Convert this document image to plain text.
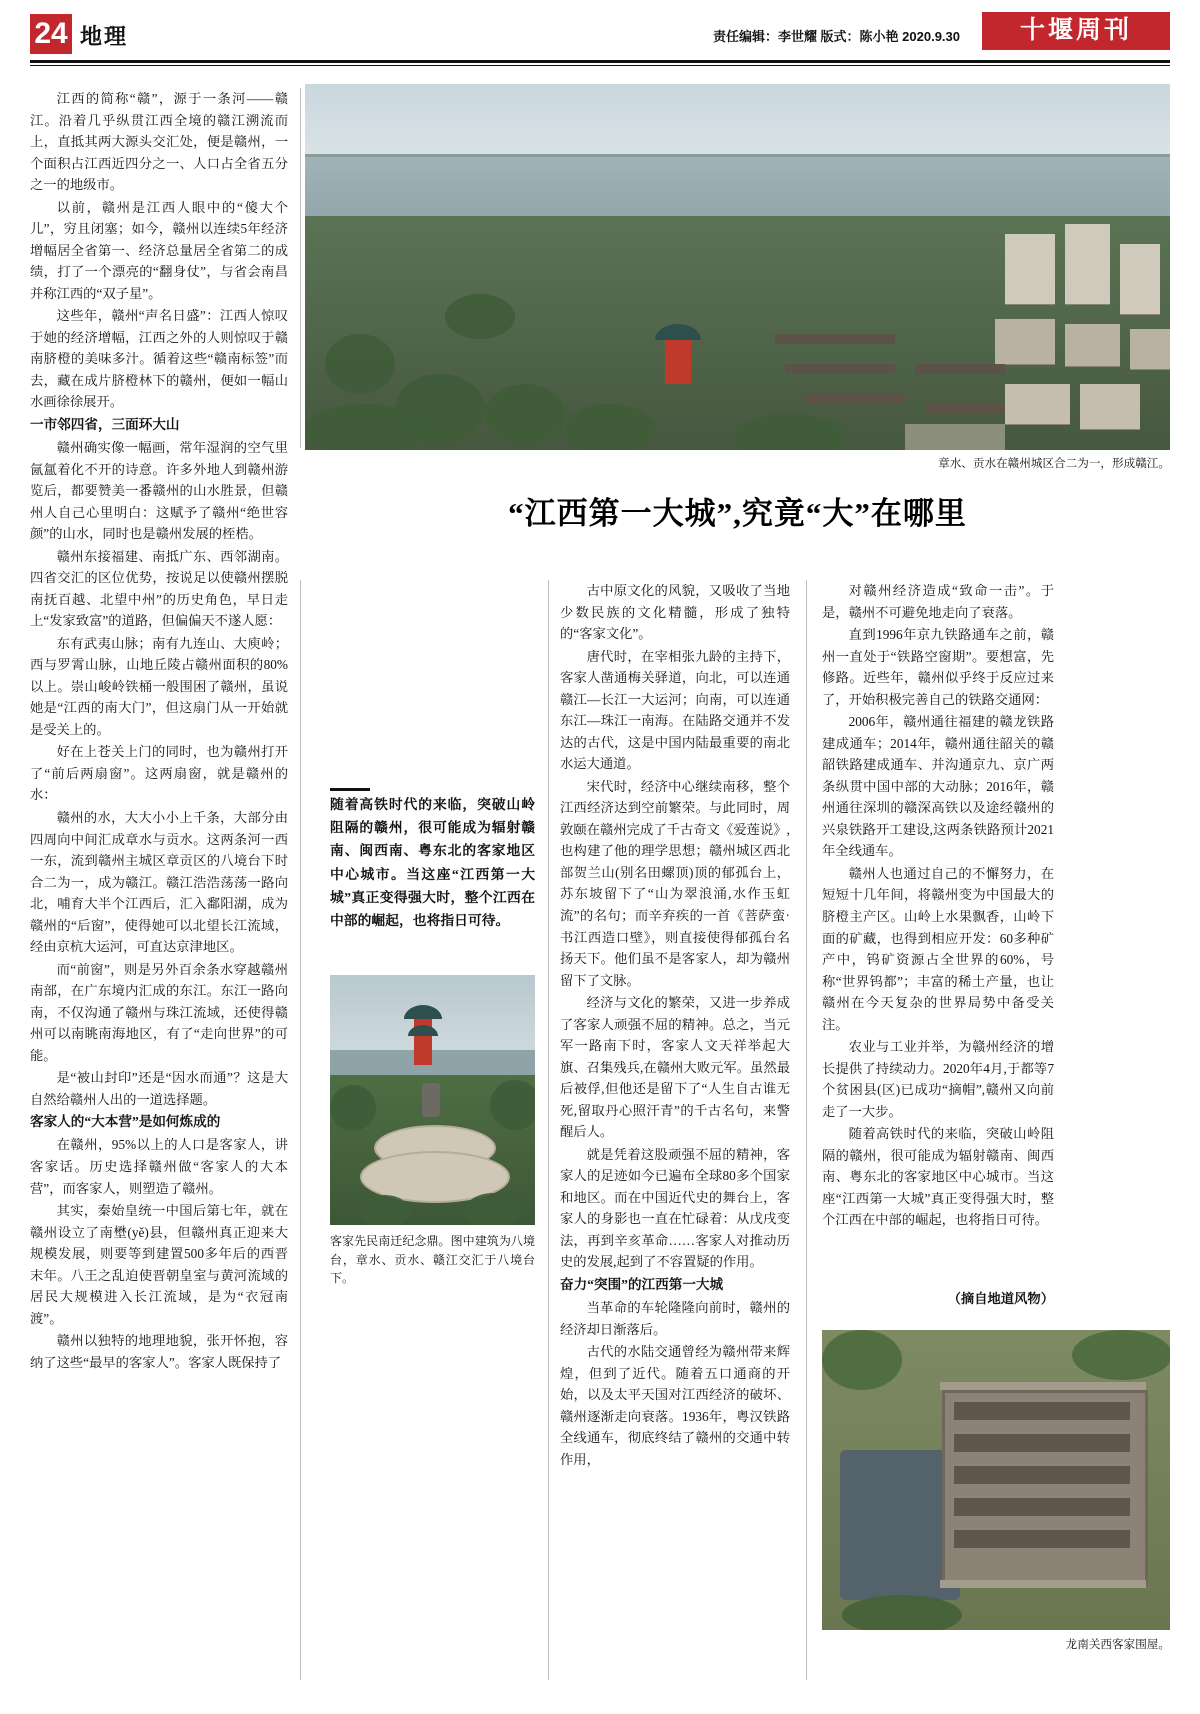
24 地理	责任编辑：李世耀 版式：陈小艳 2020.9.30	十堰周刊

江西的简称“赣”，源于一条河——赣江。沿着几乎纵贯江西全境的赣江溯流而上，直抵其两大源头交汇处，便是赣州，一个面积占江西近四分之一、人口占全省五分之一的地级市。

以前，赣州是江西人眼中的“傻大个儿”，穷且闭塞；如今，赣州以连续5年经济增幅居全省第一、经济总量居全省第二的成绩，打了一个漂亮的“翻身仗”，与省会南昌并称江西的“双子星”。

这些年，赣州“声名日盛”：江西人惊叹于她的经济增幅，江西之外的人则惊叹于赣南脐橙的美味多汁。循着这些“赣南标签”而去，藏在成片脐橙林下的赣州，便如一幅山水画徐徐展开。

一市邻四省，三面环大山

赣州确实像一幅画，常年湿润的空气里氤氲着化不开的诗意。许多外地人到赣州游览后，都要赞美一番赣州的山水胜景，但赣州人自己心里明白：这赋予了赣州“绝世容颜”的山水，同时也是赣州发展的桎梏。

赣州东接福建、南抵广东、西邻湖南。四省交汇的区位优势，按说足以使赣州摆脱南抚百越、北望中州”的历史角色，早日走上“发家致富”的道路，但偏偏天不遂人愿：

东有武夷山脉；南有九连山、大庾岭；西与罗霄山脉，山地丘陵占赣州面积的80%以上。崇山峻岭铁桶一般围困了赣州，虽说她是“江西的南大门”，但这扇门从一开始就是受关上的。

好在上苍关上门的同时，也为赣州打开了“前后两扇窗”。这两扇窗，就是赣州的水：

赣州的水，大大小小上千条，大部分由四周向中间汇成章水与贡水。这两条河一西一东，流到赣州主城区章贡区的八境台下时合二为一，成为赣江。赣江浩浩荡荡一路向北，哺育大半个江西后，汇入鄱阳湖，成为赣州的“后窗”，使得她可以北望长江流域，经由京杭大运河，可直达京津地区。

而“前窗”，则是另外百余条水穿越赣州南部，在广东境内汇成的东江。东江一路向南，不仅沟通了赣州与珠江流域，还使得赣州可以南眺南海地区，有了“走向世界”的可能。

是“被山封印”还是“因水而通”？这是大自然给赣州人出的一道选择题。

客家人的“大本营”是如何炼成的

在赣州，95%以上的人口是客家人，讲客家话。历史选择赣州做“客家人的大本营”，而客家人，则塑造了赣州。

其实，秦始皇统一中国后第七年，就在赣州设立了南壄(yě)县，但赣州真正迎来大规模发展，则要等到建置500多年后的西晋末年。八王之乱迫使晋朝皇室与黄河流域的居民大规模进入长江流域，是为“衣冠南渡”。

赣州以独特的地理地貌，张开怀抱，容纳了这些“最早的客家人”。客家人既保持了

章水、贡水在赣州城区合二为一，形成赣江。
“江西第一大城”,究竟“大”在哪里
随着高铁时代的来临，突破山岭阻隔的赣州，很可能成为辐射赣南、闽西南、粤东北的客家地区中心城市。当这座“江西第一大城”真正变得强大时，整个江西在中部的崛起，也将指日可待。
客家先民南迁纪念鼎。图中建筑为八境台，章水、贡水、赣江交汇于八境台下。

古中原文化的风貌，又吸收了当地少数民族的文化精髓，形成了独特的“客家文化”。

唐代时，在宰相张九龄的主持下，客家人凿通梅关驿道，向北，可以连通赣江—长江一大运河；向南，可以连通东江—珠江一南海。在陆路交通并不发达的古代，这是中国内陆最重要的南北水运大通道。

宋代时，经济中心继续南移，整个江西经济达到空前繁荣。与此同时，周敦颐在赣州完成了千古奇文《爱莲说》,也构建了他的理学思想；赣州城区西北部贺兰山(别名田螺顶)顶的郁孤台上，苏东坡留下了“山为翠浪涌,水作玉虹流”的名句；而辛弃疾的一首《菩萨蛮·书江西造口壁》，则直接使得郁孤台名扬天下。他们虽不是客家人，却为赣州留下了文脉。

经济与文化的繁荣，又进一步养成了客家人顽强不屈的精神。总之，当元军一路南下时，客家人文天祥举起大旗、召集残兵,在赣州大败元军。虽然最后被俘,但他还是留下了“人生自古谁无死,留取丹心照汗青”的千古名句，来警醒后人。

就是凭着这股顽强不屈的精神，客家人的足迹如今已遍布全球80多个国家和地区。而在中国近代史的舞台上，客家人的身影也一直在忙碌着：从戊戌变法，再到辛亥革命……客家人对推动历史的发展,起到了不容置疑的作用。

奋力“突围”的江西第一大城

当革命的车轮隆隆向前时，赣州的经济却日渐落后。

古代的水陆交通曾经为赣州带来辉煌，但到了近代。随着五口通商的开始，以及太平天国对江西经济的破坏、赣州逐渐走向衰落。1936年，粤汉铁路全线通车，彻底终结了赣州的交通中转作用，

对赣州经济造成“致命一击”。于是，赣州不可避免地走向了衰落。

直到1996年京九铁路通车之前，赣州一直处于“铁路空窗期”。要想富，先修路。近些年，赣州似乎终于反应过来了，开始积极完善自己的铁路交通网：

2006年，赣州通往福建的赣龙铁路建成通车；2014年，赣州通往韶关的赣韶铁路建成通车、并沟通京九、京广两条纵贯中国中部的大动脉；2016年，赣州通往深圳的赣深高铁以及途经赣州的兴泉铁路开工建设,这两条铁路预计2021年全线通车。

赣州人也通过自己的不懈努力，在短短十几年间，将赣州变为中国最大的脐橙主产区。山岭上水果飘香，山岭下面的矿藏，也得到相应开发：60多种矿产中，钨矿资源占全世界的60%，号称“世界钨都”；丰富的稀土产量，也让赣州在今天复杂的世界局势中备受关注。

农业与工业并举，为赣州经济的增长提供了持续动力。2020年4月,于都等7个贫困县(区)已成功“摘帽”,赣州又向前走了一大步。

随着高铁时代的来临，突破山岭阻隔的赣州，很可能成为辐射赣南、闽西南、粤东北的客家地区中心城市。当这座“江西第一大城”真正变得强大时，整个江西在中部的崛起，也将指日可待。

（摘自地道风物）
龙南关西客家围屋。
